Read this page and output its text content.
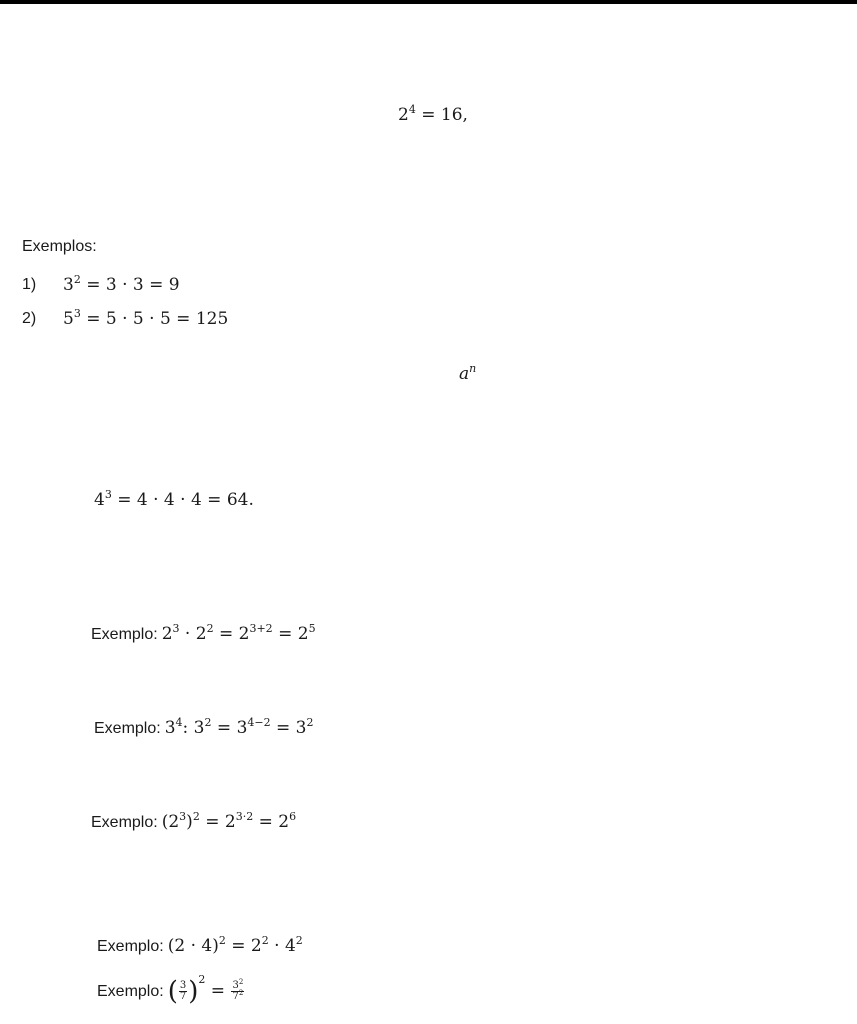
$2^4 = 16$,
Exemplos:
1) $3^2 = 3 \cdot 3 = 9$
2) $5^3 = 5 \cdot 5 \cdot 5 = 125$
$a^n$
$4^3 = 4 \cdot 4 \cdot 4 = 64$.
Exemplo: $2^3 \cdot 2^2 = 2^{3+2} = 2^5$
Exemplo: $3^4$: $3^2 = 3^{4-2} = 3^2$
Exemplo: $(2^3)^2 = 2^{3\cdot 2} = 2^6$
Exemplo: $(2 \cdot 4)^2 = 2^2 \cdot 4^2$
Exemplo: ( $\frac{3}{7} )^2 = \frac{3^2}{7^2}$
